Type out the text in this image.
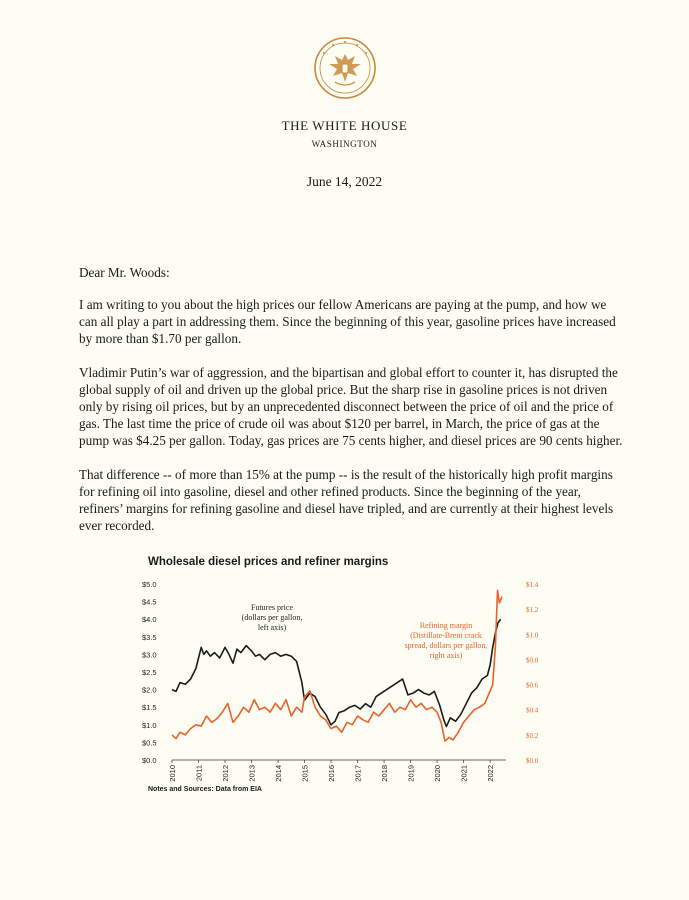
THE WHITE HOUSE
WASHINGTON
June 14, 2022
Dear Mr. Woods:

I am writing to you about the high prices our fellow Americans are paying at the pump, and how we can all play a part in addressing them. Since the beginning of this year, gasoline prices have increased by more than $1.70 per gallon.

Vladimir Putin’s war of aggression, and the bipartisan and global effort to counter it, has disrupted the global supply of oil and driven up the global price. But the sharp rise in gasoline prices is not driven only by rising oil prices, but by an unprecedented disconnect between the price of oil and the price of gas. The last time the price of crude oil was about $120 per barrel, in March, the price of gas at the pump was $4.25 per gallon. Today, gas prices are 75 cents higher, and diesel prices are 90 cents higher.

That difference -- of more than 15% at the pump -- is the result of the historically high profit margins for refining oil into gasoline, diesel and other refined products. Since the beginning of the year, refiners’ margins for refining gasoline and diesel have tripled, and are currently at their highest levels ever recorded.

Wholesale diesel prices and refiner margins
$0.0
$0.5
$1.0
$1.5
$2.0
$2.5
$3.0
$3.5
$4.0
$4.5
$5.0
$0.0
$0.2
$0.4
$0.6
$0.8
$1.0
$1.2
$1.4
2010 2011 2012 2013 2014 2015 2016 2017 2018 2019 2020 2021 2022
Futures price
(dollars per gallon,
left axis)	Refining margin
(Distillate-Brent crack
spread, dollars per gallon,
right axis)
Notes and Sources: Data from EIA
